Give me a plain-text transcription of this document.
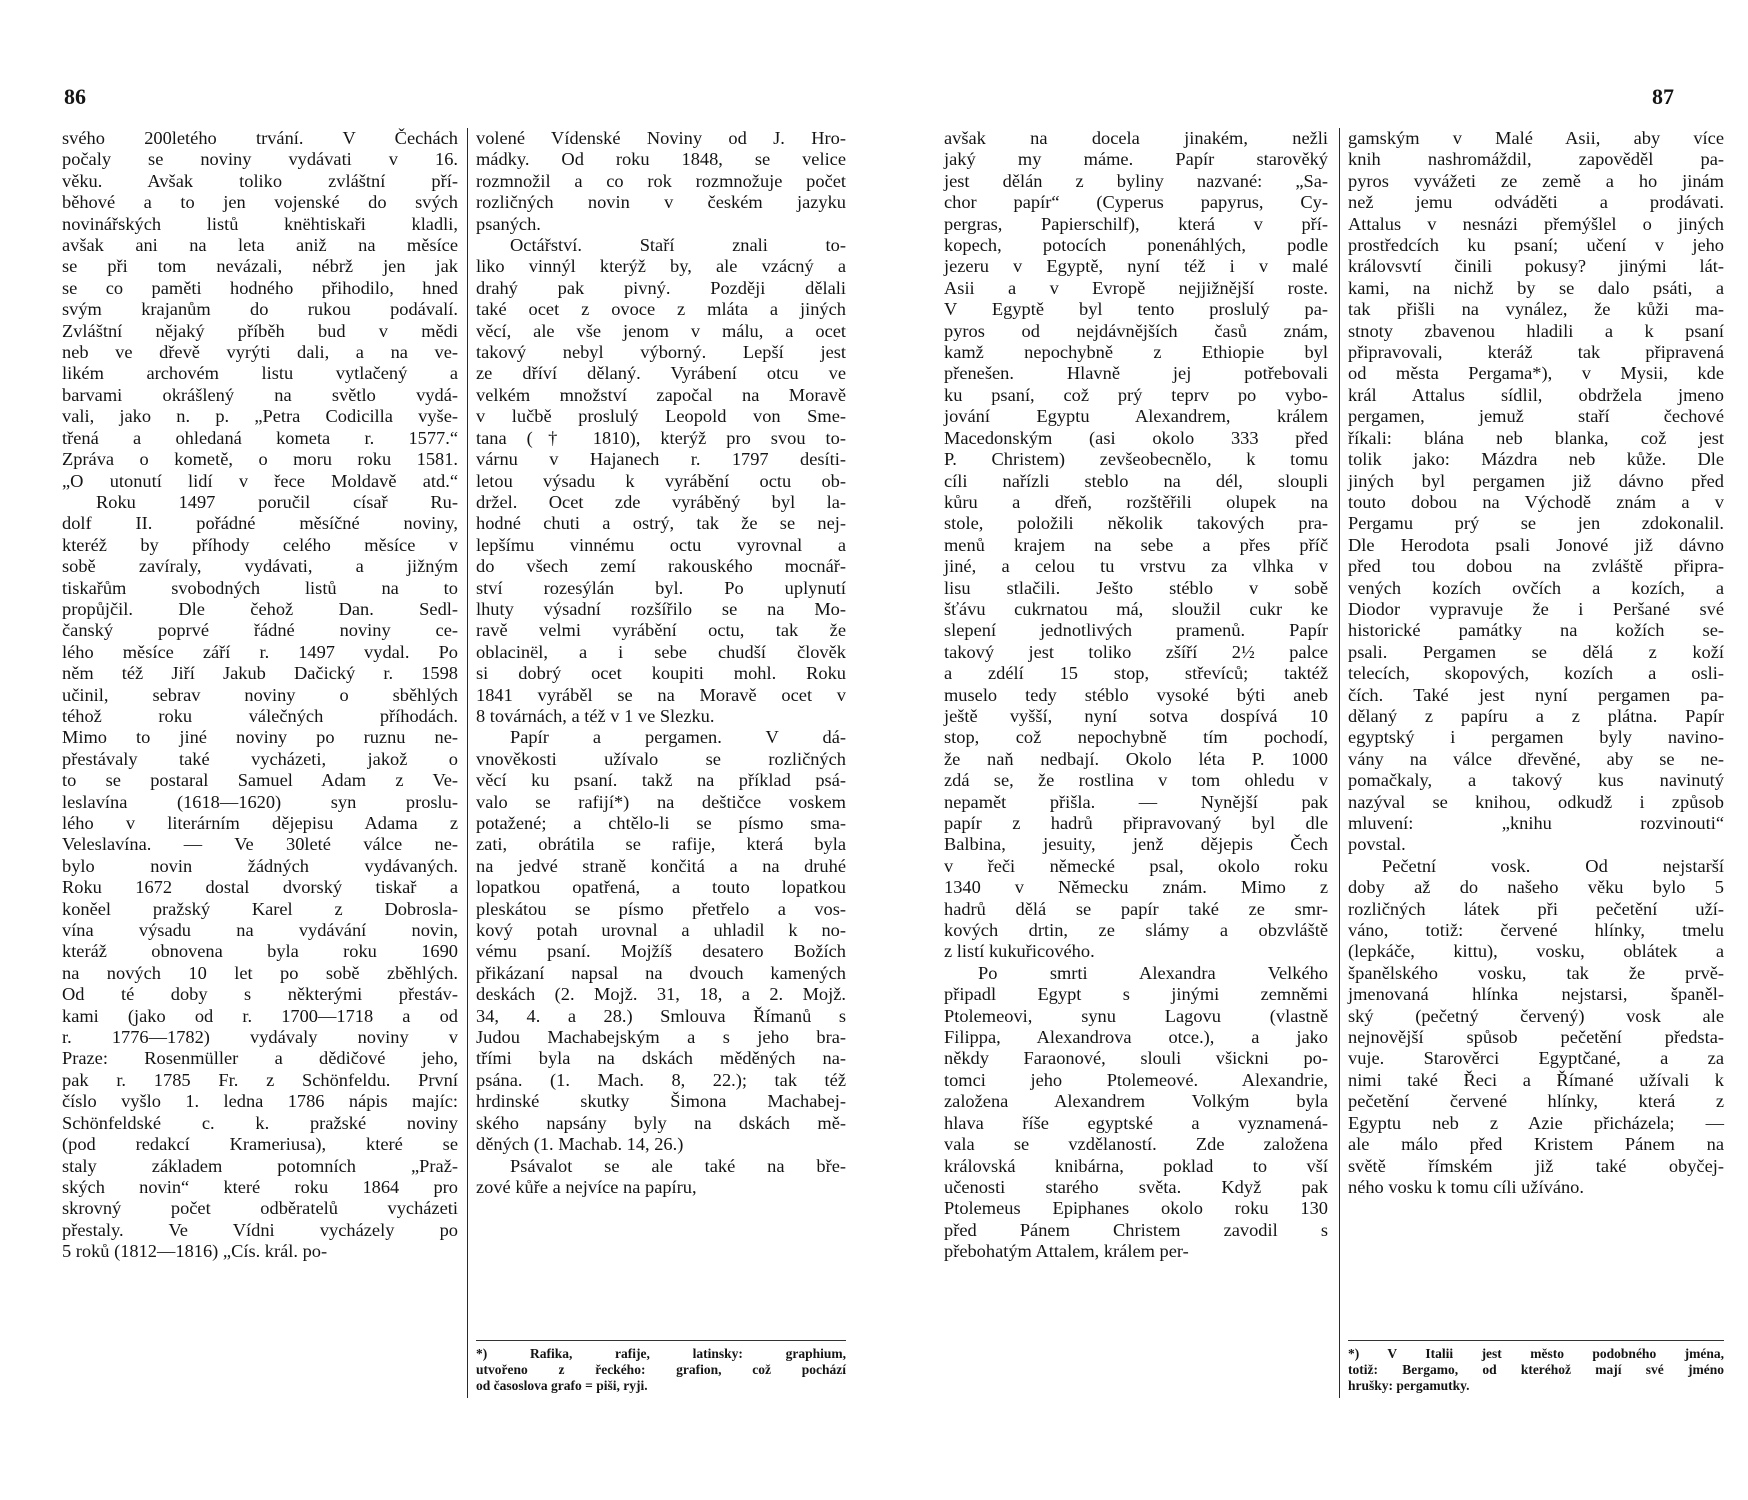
86
svého 200letého trvání. V Čechách
počaly se noviny vydávati v 16.
věku. Avšak toliko zvláštní pří-
běhové a to jen vojenské do svých
novinářských listů knëhtiskaři kladli,
avšak ani na leta aniž na měsíce
se při tom nevázali, nébrž jen jak
se co paměti hodného přihodilo, hned
svým krajanům do rukou podávalí.
Zvláštní nějaký příběh bud v mědi
neb ve dřevě vyrýti dali, a na ve-
likém archovém listu vytlačený a
barvami okrášlený na světlo vydá-
vali, jako n. p. „Petra Codicilla vyše-
třená a ohledaná kometa r. 1577.“
Zpráva o kometě, o moru roku 1581.
„O utonutí lidí v řece Moldavě atd.“
Roku 1497 poručil císař Ru-
dolf II. pořádné měsíčné noviny,
kteréž by příhody celého měsíce v
sobě zavíraly, vydávati, a jižným
tiskařům svobodných listů na to
propůjčil. Dle čehož Dan. Sedl-
čanský poprvé řádné noviny ce-
lého měsíce září r. 1497 vydal. Po
něm též Jiří Jakub Dačický r. 1598
učinil, sebrav noviny o sběhlých
téhož roku válečných příhodách.
Mimo to jiné noviny po ruznu ne-
přestávaly také vycházeti, jakož o
to se postaral Samuel Adam z Ve-
leslavína (1618—1620) syn proslu-
lého v literárním dějepisu Adama z
Veleslavína. — Ve 30leté válce ne-
bylo novin žádných vydávaných.
Roku 1672 dostal dvorský tiskař a
koněel pražský Karel z Dobrosla-
vína výsadu na vydávání novin,
kteráž obnovena byla roku 1690
na nových 10 let po sobě zběhlých.
Od té doby s některými přestáv-
kami (jako od r. 1700—1718 a od
r. 1776—1782) vydávaly noviny v
Praze: Rosenmüller a dědičové jeho,
pak r. 1785 Fr. z Schönfeldu. První
číslo vyšlo 1. ledna 1786 nápis majíc:
Schönfeldské c. k. pražské noviny
(pod redakcí Krameriusa), které se
staly základem potomních „Praž-
ských novin“ které roku 1864 pro
skrovný počet odběratelů vycházeti
přestaly. Ve Vídni vycházely po
5 roků (1812—1816) „Cís. král. po-
volené Vídenské Noviny od J. Hro-
mádky. Od roku 1848, se velice
rozmnožil a co rok rozmnožuje počet
rozličných novin v českém jazyku
psaných.
Octářství. Staří znali to-
liko vinnýl kterýž by, ale vzácný a
drahý pak pivný. Později dělali
také ocet z ovoce z mláta a jiných
věcí, ale vše jenom v málu, a ocet
takový nebyl výborný. Lepší jest
ze dříví dělaný. Vyrábení otcu ve
velkém množství započal na Moravě
v lučbě proslulý Leopold von Sme-
tana († 1810), kterýž pro svou to-
várnu v Hajanech r. 1797 desíti-
letou výsadu k vyrábění octu ob-
držel. Ocet zde vyráběný byl la-
hodné chuti a ostrý, tak že se nej-
lepšímu vinnému octu vyrovnal a
do všech zemí rakouského mocnář-
ství rozesýlán byl. Po uplynutí
lhuty výsadní rozšířilo se na Mo-
ravě velmi vyrábění octu, tak že
oblacinël, a i sebe chudší člověk
si dobrý ocet koupiti mohl. Roku
1841 vyráběl se na Moravě ocet v
8 továrnách, a též v 1 ve Slezku.
Papír a pergamen. V dá-
vnověkosti užívalo se rozličných
věcí ku psaní. takž na příklad psá-
valo se rafijí*) na deštičce voskem
potažené; a chtělo-li se písmo sma-
zati, obrátila se rafije, která byla
na jedvé straně končitá a na druhé
lopatkou opatřená, a touto lopatkou
pleskátou se písmo přetřelo a vos-
kový potah urovnal a uhladil k no-
vému psaní. Mojžíš desatero Božích
přikázaní napsal na dvouch kamených
deskách (2. Mojž. 31, 18, a 2. Mojž.
34, 4. a 28.) Smlouva Římanů s
Judou Machabejským a s jeho bra-
třími byla na dskách měděných na-
psána. (1. Mach. 8, 22.); tak též
hrdinské skutky Šimona Machabej-
ského napsány byly na dskách mě-
děných (1. Machab. 14, 26.)
Psávalot se ale také na bře-
zové kůře a nejvíce na papíru,
*) Rafika, rafije, latinsky: graphium,
utvořeno z řeckého: grafion, což pochází
od časoslova grafo = piši, ryji.
87
avšak na docela jinakém, nežli
jaký my máme. Papír starověký
jest dělán z byliny nazvané: „Sa-
chor papír“ (Cyperus papyrus, Cy-
pergras, Papierschilf), která v pří-
kopech, potocích ponenáhlých, podle
jezeru v Egyptě, nyní též i v malé
Asii a v Evropě nejjižnější roste.
V Egyptě byl tento proslulý pa-
pyros od nejdávnějších časů znám,
kamž nepochybně z Ethiopie byl
přenešen. Hlavně jej potřebovali
ku psaní, což prý teprv po vybo-
jování Egyptu Alexandrem, králem
Macedonským (asi okolo 333 před
P. Christem) zevšeobecnělo, k tomu
cíli nařízli steblo na dél, sloupli
kůru a dřeň, rozštěřili olupek na
stole, položili několik takových pra-
menů krajem na sebe a přes příč
jiné, a celou tu vrstvu za vlhka v
lisu stlačili. Ješto stéblo v sobě
šťávu cukrnatou má, sloužil cukr ke
slepení jednotlivých pramenů. Papír
takový jest toliko zšíří 2½ palce
a zdélí 15 stop, střevíců; taktéž
muselo tedy stéblo vysoké býti aneb
ještě vyšší, nyní sotva dospívá 10
stop, což nepochybně tím pochodí,
že naň nedbají. Okolo léta P. 1000
zdá se, že rostlina v tom ohledu v
nepamět přišla. — Nynější pak
papír z hadrů připravovaný byl dle
Balbina, jesuity, jenž dějepis Čech
v řeči německé psal, okolo roku
1340 v Německu znám. Mimo z
hadrů dělá se papír také ze smr-
kových drtin, ze slámy a obzvláště
z listí kukuřicového.
Po smrti Alexandra Velkého
připadl Egypt s jinými zemněmi
Ptolemeovi, synu Lagovu (vlastně
Filippa, Alexandrova otce.), a jako
někdy Faraonové, slouli všickni po-
tomci jeho Ptolemeové. Alexandrie,
založena Alexandrem Volkým byla
hlava říše egyptské a vyznamená-
vala se vzdělaností. Zde založena
královská knibárna, poklad to vší
učenosti starého světa. Když pak
Ptolemeus Epiphanes okolo roku 130
před Pánem Christem zavodil s
přebohatým Attalem, králem per-
gamským v Malé Asii, aby více
knih nashromáždil, zapověděl pa-
pyros vyvážeti ze země a ho jinám
než jemu odváděti a prodávati.
Attalus v nesnázi přemýšlel o jiných
prostředcích ku psaní; učení v jeho
královsvtí činili pokusy? jinými lát-
kami, na nichž by se dalo psáti, a
tak přišli na vynález, že kůži ma-
stnoty zbavenou hladili a k psaní
připravovali, kteráž tak připravená
od města Pergama*), v Mysii, kde
král Attalus sídlil, obdržela jmeno
pergamen, jemuž staří čechové
říkali: blána neb blanka, což jest
tolik jako: Mázdra neb kůže. Dle
jiných byl pergamen již dávno před
touto dobou na Východě znám a v
Pergamu prý se jen zdokonalil.
Dle Herodota psali Jonové již dávno
před tou dobou na zvláště připra-
vených kozích ovčích a kozích, a
Diodor vypravuje že i Peršané své
historické památky na kožích se-
psali. Pergamen se dělá z koží
telecích, skopových, kozích a osli-
čích. Také jest nyní pergamen pa-
dělaný z papíru a z plátna. Papír
egyptský i pergamen byly navino-
vány na válce dřevěné, aby se ne-
pomačkaly, a takový kus navinutý
nazýval se knihou, odkudž i způsob
mluvení: „knihu rozvinouti“
povstal.
Pečetní vosk. Od nejstarší
doby až do našeho věku bylo 5
rozličných látek při pečetění uží-
váno, totiž: červené hlínky, tmelu
(lepkáče, kittu), vosku, oblátek a
španělského vosku, tak že prvě-
jmenovaná hlínka nejstarsi, španěl-
ský (pečetný červený) vosk ale
nejnovější spůsob pečetění předsta-
vuje. Starověrci Egyptčané, a za
nimi také Řeci a Římané užívali k
pečetění červené hlínky, která z
Egyptu neb z Azie přicházela; —
ale málo před Kristem Pánem na
světě římském již také obyčej-
ného vosku k tomu cíli užíváno.
*) V Italii jest město podobného jména,
totiž: Bergamo, od kteréhož mají své jméno
hrušky: pergamutky.
